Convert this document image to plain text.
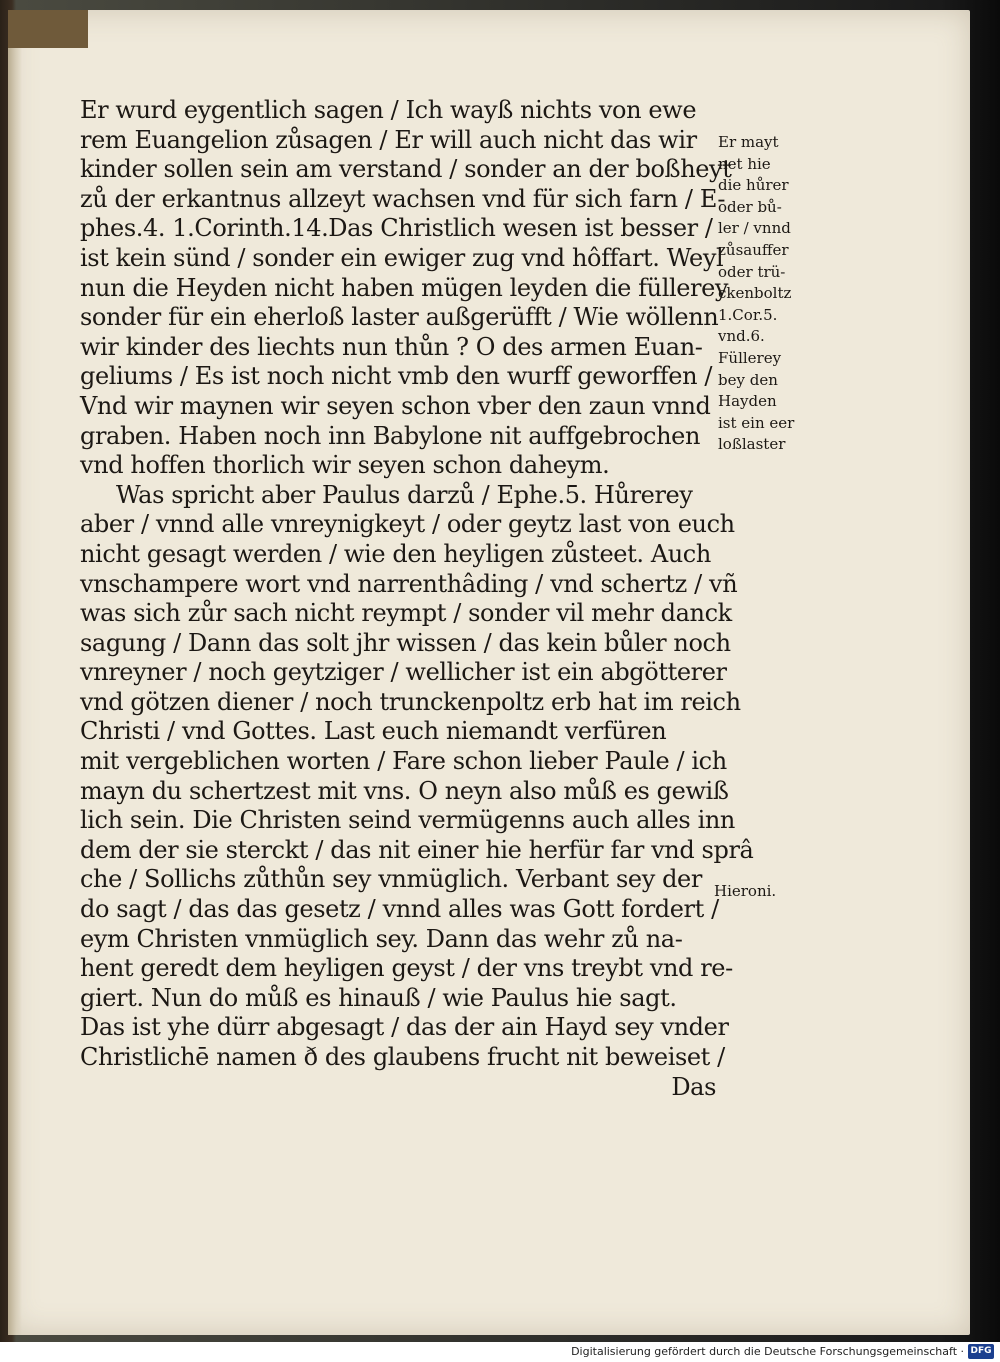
Er wurd eygentlich sagen / Ich wayß nichts von ewe
rem Euangelion zůsagen / Er will auch nicht das wir
kinder sollen sein am verstand / sonder an der boßheyt
zů der erkantnus allzeyt wachsen vnd für sich farn / E-
phes.4. 1.Corinth.14.Das Christlich wesen ist besser /
ist kein sünd / sonder ein ewiger zug vnd hôffart. Weyl
nun die Heyden nicht haben mügen leyden die füllerey
sonder für ein eherloß laster außgerüfft / Wie wöllenn
wir kinder des liechts nun thůn ? O des armen Euan-
geliums / Es ist noch nicht vmb den wurff geworffen /
Vnd wir maynen wir seyen schon vber den zaun vnnd
graben. Haben noch inn Babylone nit auffgebrochen
vnd hoffen thorlich wir seyen schon daheym.
Was spricht aber Paulus darzů / Ephe.5. Hůrerey
aber / vnnd alle vnreynigkeyt / oder geytz last von euch
nicht gesagt werden / wie den heyligen zůsteet. Auch
vnschampere wort vnd narrenthâding / vnd schertz / vñ
was sich zůr sach nicht reympt / sonder vil mehr danck
sagung / Dann das solt jhr wissen / das kein bůler noch
vnreyner / noch geytziger / wellicher ist ein abgötterer
vnd götzen diener / noch trunckenpoltz erb hat im reich
Christi / vnd Gottes. Last euch niemandt verfüren
mit vergeblichen worten / Fare schon lieber Paule / ich
mayn du schertzest mit vns. O neyn also můß es gewiß
lich sein. Die Christen seind vermügenns auch alles inn
dem der sie sterckt / das nit einer hie herfür far vnd sprâ
che / Sollichs zůthůn sey vnmüglich. Verbant sey der
do sagt / das das gesetz / vnnd alles was Gott fordert /
eym Christen vnmüglich sey. Dann das wehr zů na-
hent geredt dem heyligen geyst / der vns treybt vnd re-
giert. Nun do můß es hinauß / wie Paulus hie sagt.
Das ist yhe dürr abgesagt / das der ain Hayd sey vnder
Christlichē namen ð des glaubens frucht nit beweiset /
Das
Er mayt
net hie
die hůrer
oder bů-
ler / vnnd
zůsauffer
oder trü-
ckenboltz
1.Cor.5.
vnd.6.
Füllerey
bey den
Hayden
ist ein eer
loßlaster
Hieroni.
Digitalisierung gefördert durch die Deutsche Forschungsgemeinschaft · DFG
